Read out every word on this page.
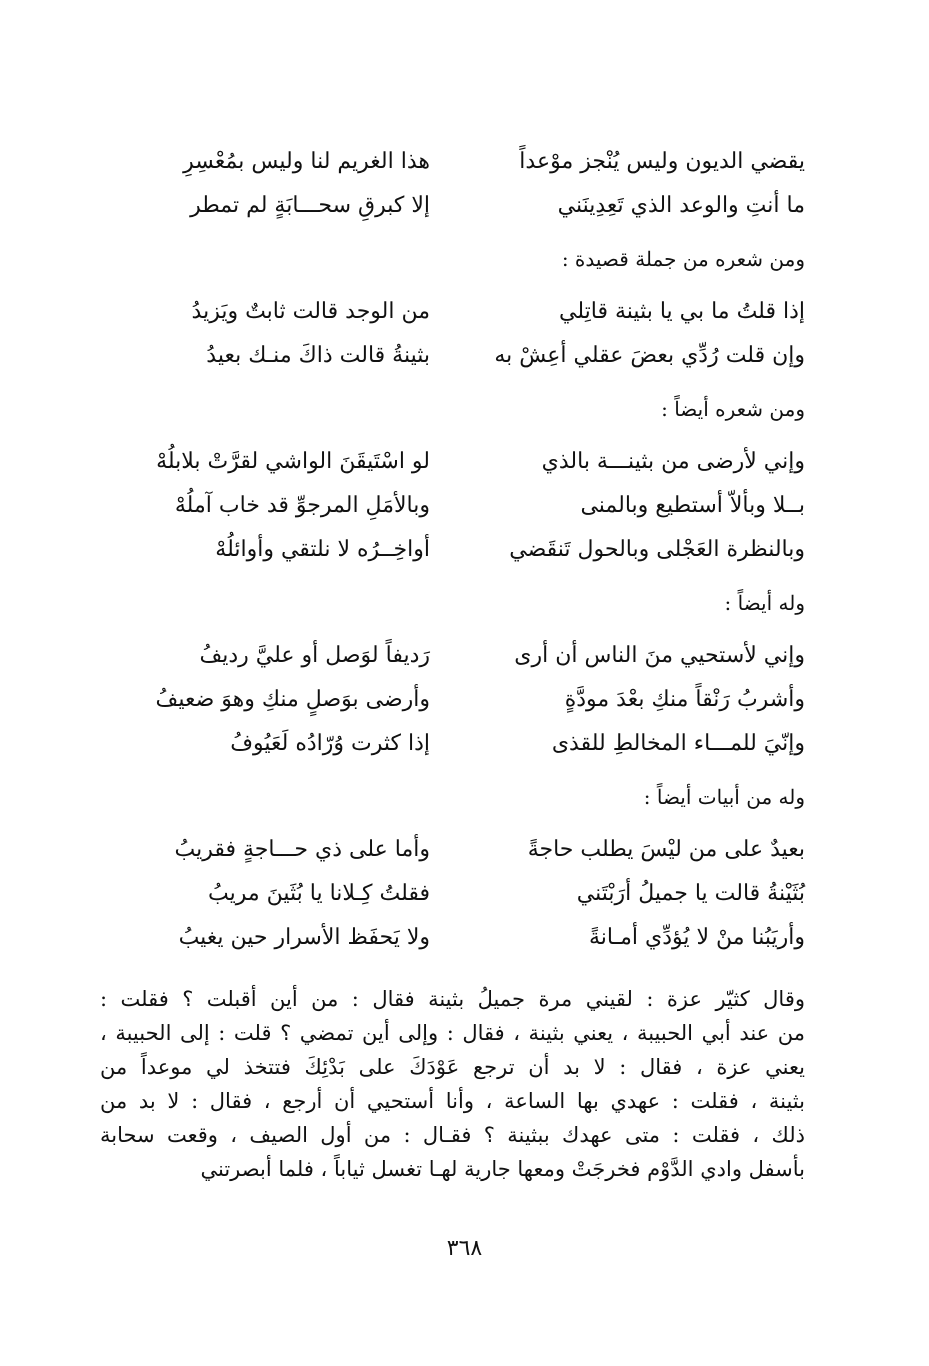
يقضي الديون وليس يُنْجز موْعداً
هذا الغريم لنا وليس بمُعْسِرِ
ما أنتِ والوعد الذي تَعِدِينَني
إلا كبرقِ سحـــابَةٍ لم تمطر
ومن شعره من جملة قصيدة :
إذا قلتُ ما بي يا بثينة قاتِلي
من الوجد قالت ثابتٌ ويَزيدُ
وإن قلت رُدِّي بعضَ عقلي أعِشْ به
بثينةُ قالت ذاكَ منـك بعيدُ
ومن شعره أيضاً :
وإني لأرضى من بثينـــة بالذي
لو اسْتَيقَنَ الواشي لقرَّتْ بلابلُهْ
بــلا وبألاّ أستطيع وبالمنى
وبالأمَلِ المرجوِّ قد خاب آملُهْ
وبالنظرة العَجْلى وبالحول تَنقَضي
أواخِــرُه لا نلتقي وأوائلُهْ
وله أيضاً :
وإني لأستحيي منَ الناس أن أرى
رَديفاً لوَصل أو عليَّ رديفُ
وأشربُ رَنْقاً منكِ بعْدَ مودَّةٍ
وأرضى بوَصلٍ منكِ وهوَ ضعيفُ
وإنّيَ للمـــاء المخالطِ للقذى
إذا كثرت وُرّادُه لَعَيُوفُ
وله من أبيات أيضاً :
بعيدٌ على من ليْسَ يطلب حاجةً
وأما على ذي حـــاجةٍ فقريبُ
بُثَيْنةُ قالت يا جميلُ أرَبْتَني
فقلتُ كِـلانا يا بُثَينَ مريبُ
وأريَبُنا منْ لا يُؤدِّي أمـانةً
ولا يَحفَظ الأسرار حين يغيبُ
وقال كثيّر عزة : لقيني مرة جميلُ بثينة فقال : من أين أقبلت ؟ فقلت :
من عند أبي الحبيبة ، يعني بثينة ، فقال : وإلى أين تمضي ؟ قلت : إلى الحبيبة ،
يعني عزة ، فقال : لا بد أن ترجع عَوْدَكَ على بَدْئِكَ فتتخذ لي موعداً من
بثينة ، فقلت : عهدي بها الساعة ، وأنا أستحيي أن أرجع ، فقال : لا بد من
ذلك ، فقلت : متى عهدك ببثينة ؟ فقـال : من أول الصيف ، وقعت سحابة
بأسفل وادي الدَّوْم فخرجَتْ ومعها جارية لهـا تغسل ثياباً ، فلما أبصرتني
٣٦٨
